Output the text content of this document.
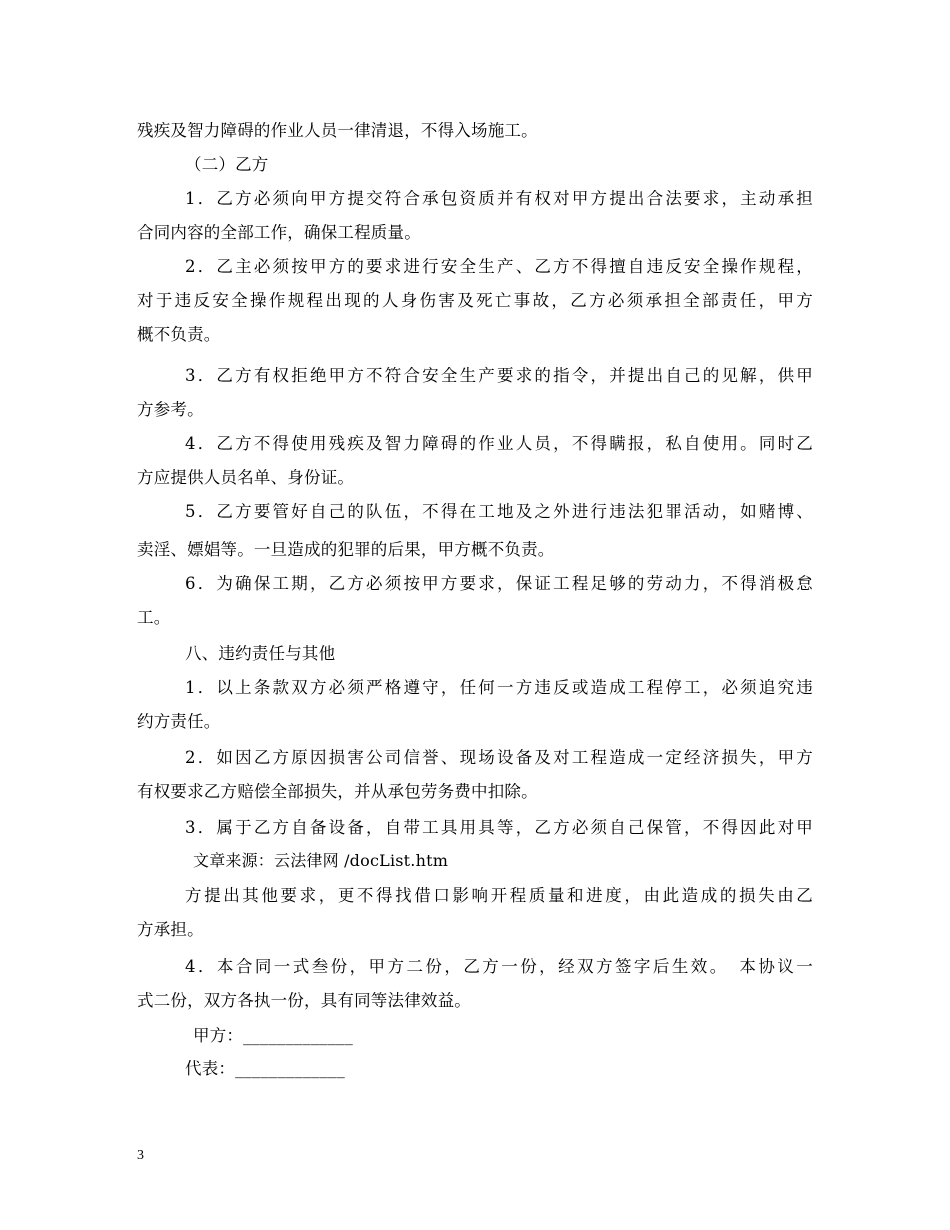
残疾及智力障碍的作业人员一律清退，不得入场施工。
（二）乙方
1．乙方必须向甲方提交符合承包资质并有权对甲方提出合法要求，主动承担
合同内容的全部工作，确保工程质量。
2．乙主必须按甲方的要求进行安全生产、乙方不得擅自违反安全操作规程，
对于违反安全操作规程出现的人身伤害及死亡事故，乙方必须承担全部责任，甲方
概不负责。
3．乙方有权拒绝甲方不符合安全生产要求的指令，并提出自己的见解，供甲
方参考。
4．乙方不得使用残疾及智力障碍的作业人员，不得瞒报，私自使用。同时乙
方应提供人员名单、身份证。
5．乙方要管好自己的队伍，不得在工地及之外进行违法犯罪活动，如赌博、
卖淫、嫖娼等。一旦造成的犯罪的后果，甲方概不负责。
6．为确保工期，乙方必须按甲方要求，保证工程足够的劳动力，不得消极怠
工。
八、违约责任与其他
1．以上条款双方必须严格遵守，任何一方违反或造成工程停工，必须追究违
约方责任。
2．如因乙方原因损害公司信誉、现场设备及对工程造成一定经济损失，甲方
有权要求乙方赔偿全部损失，并从承包劳务费中扣除。
3．属于乙方自备设备，自带工具用具等，乙方必须自己保管，不得因此对甲
文章来源：云法律网 /docList.htm
方提出其他要求，更不得找借口影响开程质量和进度，由此造成的损失由乙
方承担。
4．本合同一式叁份，甲方二份，乙方一份，经双方签字后生效。　本协议一
式二份，双方各执一份，具有同等法律效益。
甲方：_____________
代表：_____________
3
